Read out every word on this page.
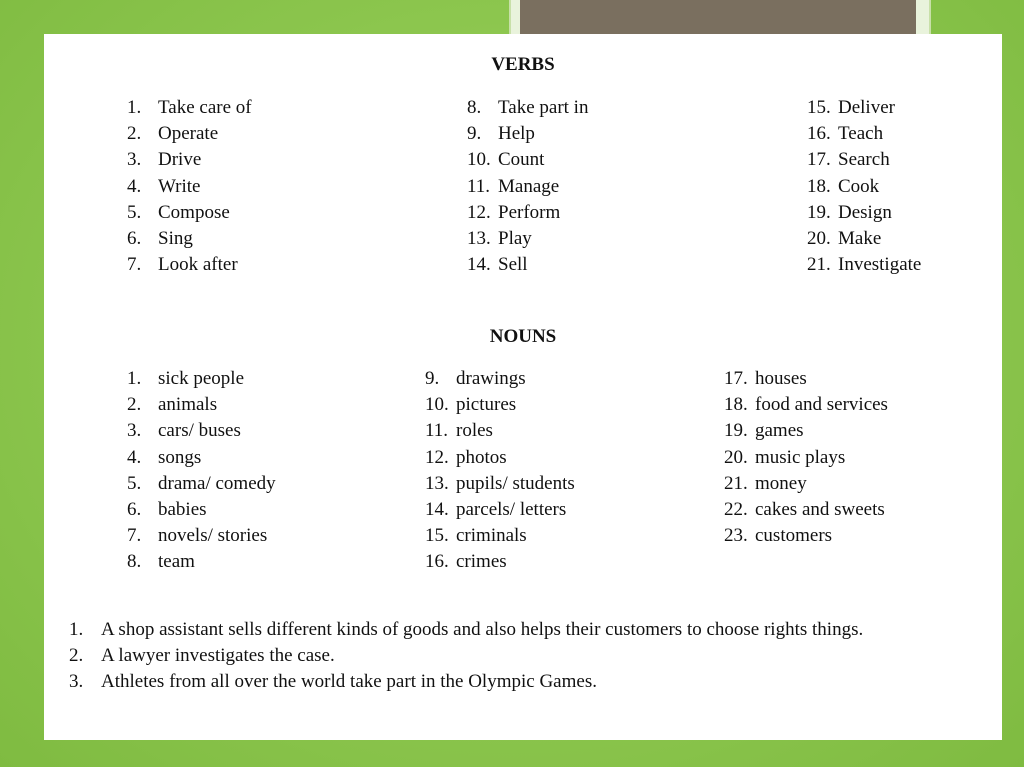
VERBS
1. Take care of
2. Operate
3. Drive
4. Write
5. Compose
6. Sing
7. Look after
8. Take part in
9. Help
10. Count
11. Manage
12. Perform
13. Play
14. Sell
15. Deliver
16. Teach
17. Search
18. Cook
19. Design
20. Make
21. Investigate
NOUNS
1. sick people
2. animals
3. cars/ buses
4. songs
5. drama/ comedy
6. babies
7. novels/ stories
8. team
9. drawings
10. pictures
11. roles
12. photos
13. pupils/ students
14. parcels/ letters
15. criminals
16. crimes
17. houses
18. food and services
19. games
20. music plays
21. money
22. cakes and sweets
23. customers
1. A shop assistant sells different kinds of goods and also helps their customers to choose rights things.
2. A lawyer investigates the case.
3. Athletes from all over the world take part in the Olympic Games.
